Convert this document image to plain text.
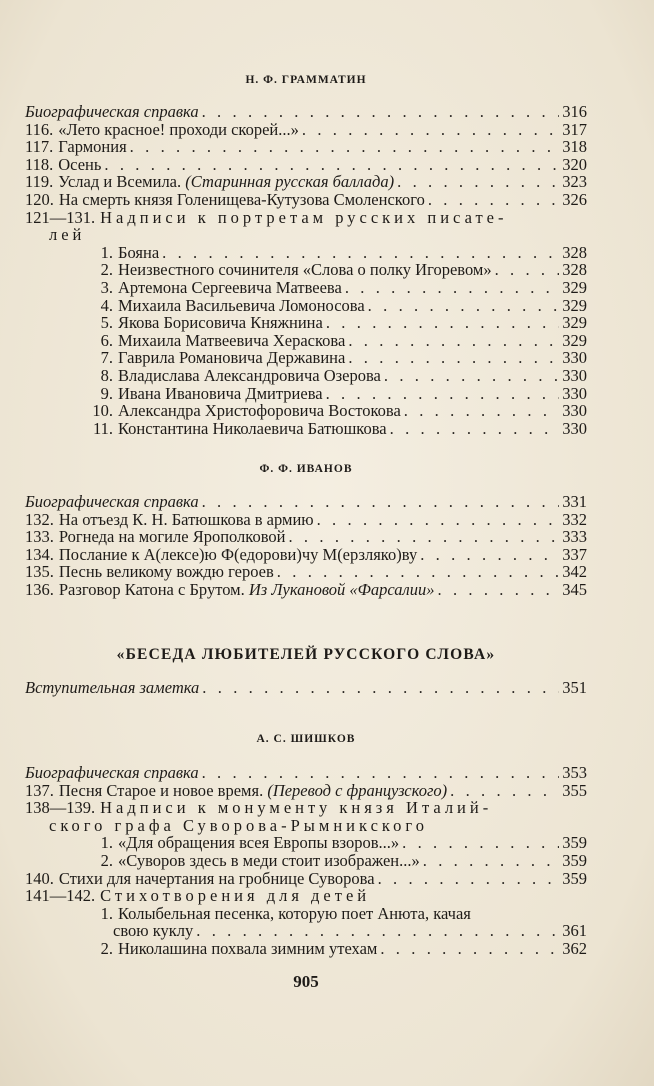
Н. Ф. ГРАММАТИН
Биографическая справка . . .	316
116. «Лето красное! проходи скорей...» . . .	317
117. Гармония . . .	318
118. Осень . . .	320
119. Услад и Всемила. (Старинная русская баллада) . . .	323
120. На смерть князя Голенищева-Кутузова Смоленского . . .	326
121—131. Надписи к портретам русских писате-
лей
1. Бояна . . .	328
2. Неизвестного сочинителя «Слова о полку Игоревом» . . .	328
3. Артемона Сергеевича Матвеева . . .	329
4. Михаила Васильевича Ломоносова . . .	329
5. Якова Борисовича Княжнина . . .	329
6. Михаила Матвеевича Хераскова . . .	329
7. Гаврила Романовича Державина . . .	330
8. Владислава Александровича Озерова . . .	330
9. Ивана Ивановича Дмитриева . . .	330
10. Александра Христофоровича Востокова . . .	330
11. Константина Николаевича Батюшкова . . .	330
Ф. Ф. ИВАНОВ
Биографическая справка . . .	331
132. На отъезд К. Н. Батюшкова в армию . . .	332
133. Рогнеда на могиле Ярополковой . . .	333
134. Послание к А(лексе)ю Ф(едорови)чу М(ерзляко)ву . . .	337
135. Песнь великому вождю героев . . .	342
136. Разговор Катона с Брутом. Из Лукановой «Фарсалии» . . .	345
«БЕСЕДА ЛЮБИТЕЛЕЙ РУССКОГО СЛОВА»
Вступительная заметка . . .	351
А. С. ШИШКОВ
Биографическая справка . . .	353
137. Песня Старое и новое время. (Перевод с французского) . . .	355
138—139. Надписи к монументу князя Италий-
ского графа Суворова-Рымникского
1. «Для обращения всея Европы взоров...» . . .	359
2. «Суворов здесь в меди стоит изображен...» . . .	359
140. Стихи для начертания на гробнице Суворова . . .	359
141—142. Стихотворения для детей
1. Колыбельная песенка, которую поет Анюта, качая
свою куклу . . .	361
2. Николашина похвала зимним утехам . . .	362
905
